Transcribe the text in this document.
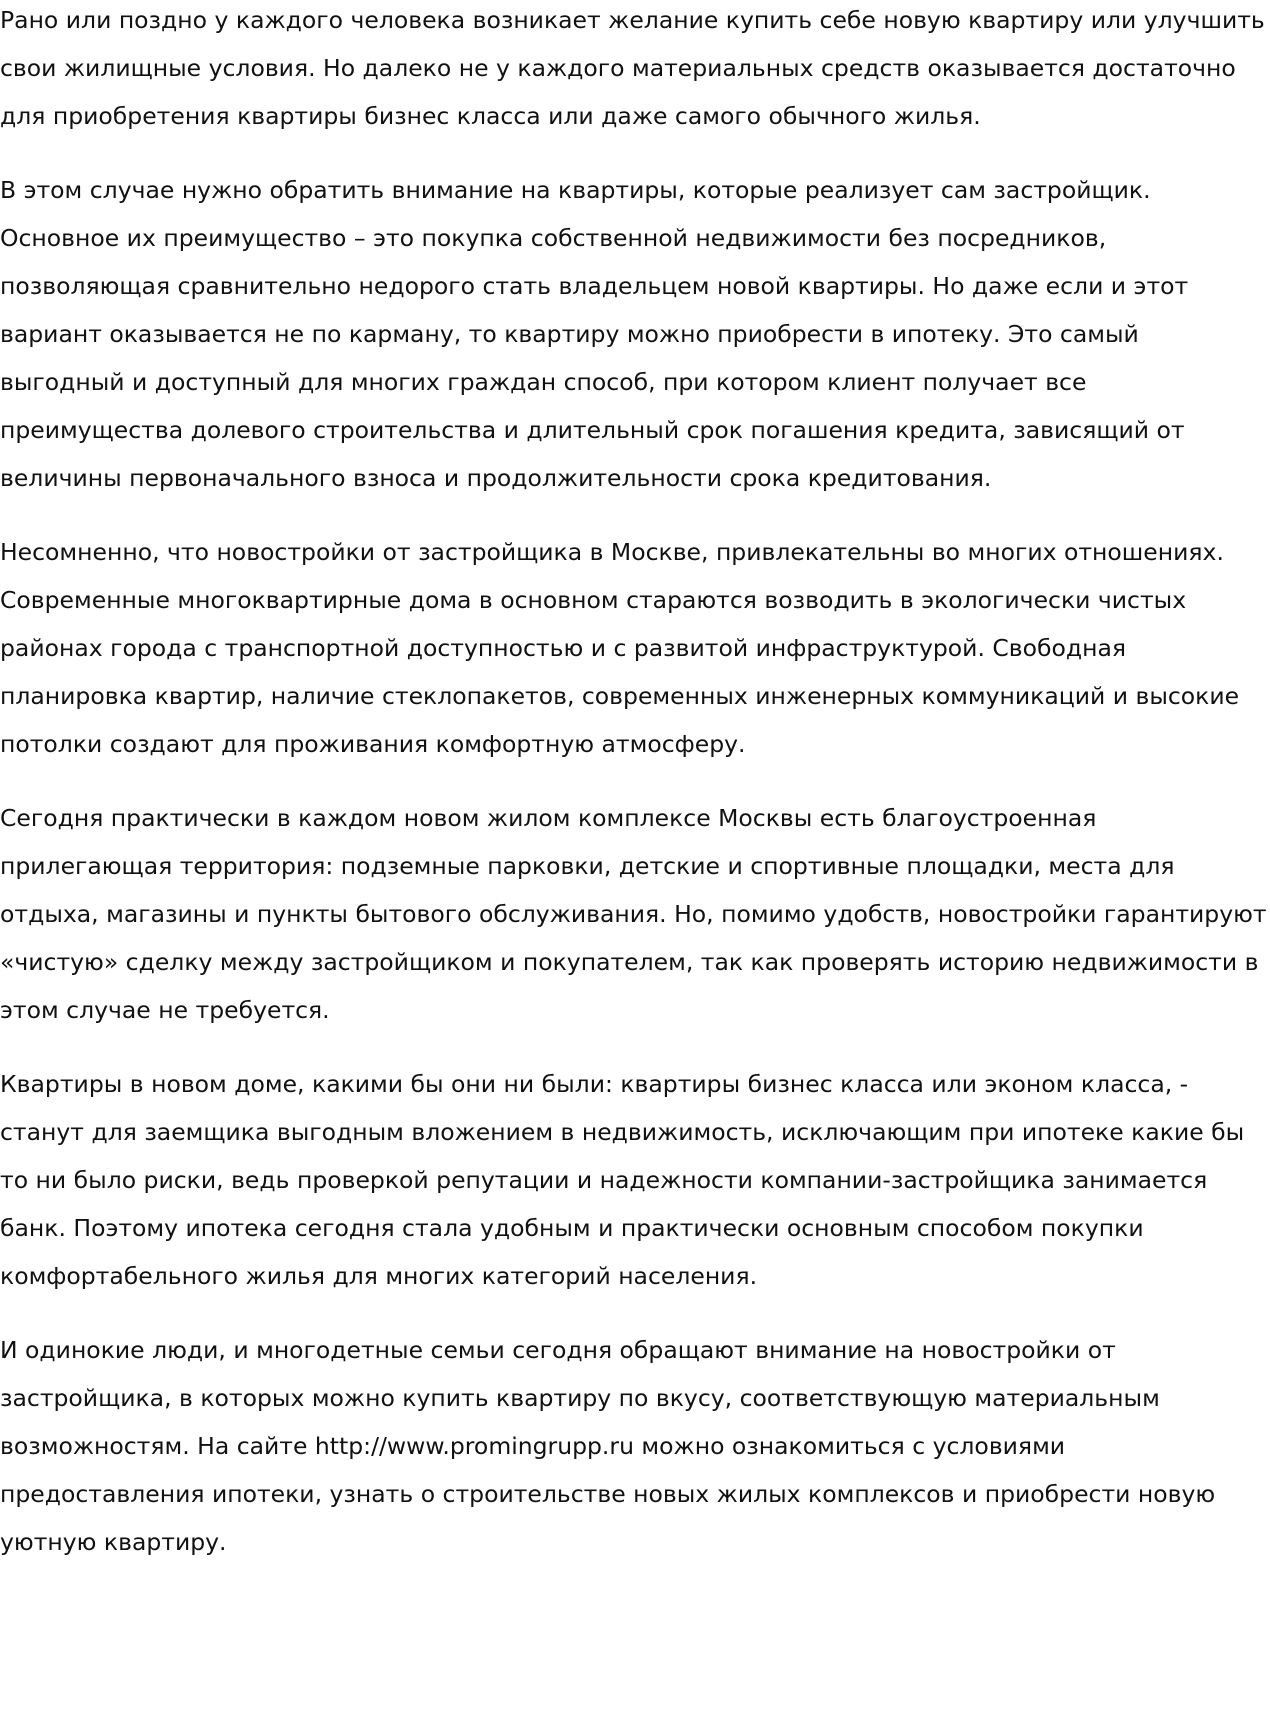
Рано или поздно у каждого человека возникает желание купить себе новую квартиру или улучшить свои жилищные условия. Но далеко не у каждого материальных средств оказывается достаточно для приобретения квартиры бизнес класса или даже самого обычного жилья.

В этом случае нужно обратить внимание на квартиры, которые реализует сам застройщик. Основное их преимущество – это покупка собственной недвижимости без посредников, позволяющая сравнительно недорого стать владельцем новой квартиры. Но даже если и этот вариант оказывается не по карману, то квартиру можно приобрести в ипотеку. Это самый выгодный и доступный для многих граждан способ, при котором клиент получает все преимущества долевого строительства и длительный срок погашения кредита, зависящий от величины первоначального взноса и продолжительности срока кредитования.

Несомненно, что новостройки от застройщика в Москве, привлекательны во многих отношениях. Современные многоквартирные дома в основном стараются возводить в экологически чистых районах города с транспортной доступностью и с развитой инфраструктурой. Свободная планировка квартир, наличие стеклопакетов, современных инженерных коммуникаций и высокие потолки создают для проживания комфортную атмосферу.

Сегодня практически в каждом новом жилом комплексе Москвы есть благоустроенная прилегающая территория: подземные парковки, детские и спортивные площадки, места для отдыха, магазины и пункты бытового обслуживания. Но, помимо удобств, новостройки гарантируют «чистую» сделку между застройщиком и покупателем, так как проверять историю недвижимости в этом случае не требуется.

Квартиры в новом доме, какими бы они ни были: квартиры бизнес класса или эконом класса, - станут для заемщика выгодным вложением в недвижимость, исключающим при ипотеке какие бы то ни было риски, ведь проверкой репутации и надежности компании-застройщика занимается банк. Поэтому ипотека сегодня стала удобным и практически основным способом покупки комфортабельного жилья для многих категорий населения.

И одинокие люди, и многодетные семьи сегодня обращают внимание на новостройки от застройщика, в которых можно купить квартиру по вкусу, соответствующую материальным возможностям. На сайте http://www.promingrupp.ru можно ознакомиться с условиями предоставления ипотеки, узнать о строительстве новых жилых комплексов и приобрести новую уютную квартиру.
